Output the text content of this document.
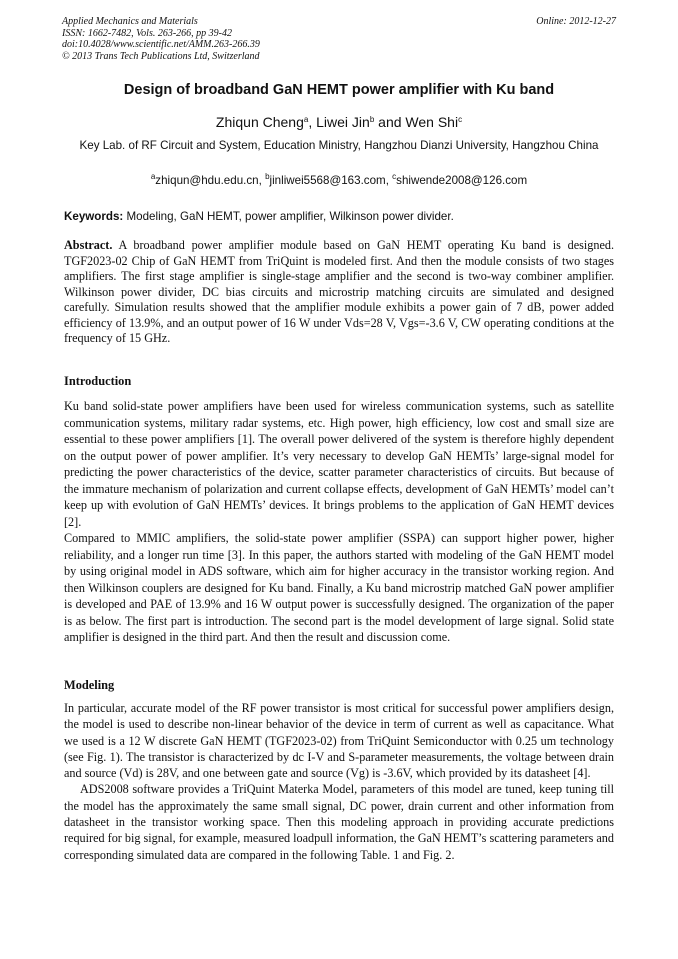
Applied Mechanics and Materials
ISSN: 1662-7482, Vols. 263-266, pp 39-42
doi:10.4028/www.scientific.net/AMM.263-266.39
© 2013 Trans Tech Publications Ltd, Switzerland
Online: 2012-12-27
Design of broadband GaN HEMT power amplifier with Ku band
Zhiqun Cheng$^a$, Liwei Jin$^b$ and Wen Shi$^c$
Key Lab. of RF Circuit and System, Education Ministry, Hangzhou Dianzi University, Hangzhou China
$^a$zhiqun@hdu.edu.cn, $^b$jinliwei5568@163.com, $^c$shiwende2008@126.com
Keywords: Modeling, GaN HEMT, power amplifier, Wilkinson power divider.
Abstract. A broadband power amplifier module based on GaN HEMT operating Ku band is designed. TGF2023-02 Chip of GaN HEMT from TriQuint is modeled first. And then the module consists of two stages amplifiers. The first stage amplifier is single-stage amplifier and the second is two-way combiner amplifier. Wilkinson power divider, DC bias circuits and microstrip matching circuits are simulated and designed carefully. Simulation results showed that the amplifier module exhibits a power gain of 7 dB, power added efficiency of 13.9%, and an output power of 16 W under Vds=28 V, Vgs=-3.6 V, CW operating conditions at the frequency of 15 GHz.
Introduction

Ku band solid-state power amplifiers have been used for wireless communication systems, such as satellite communication systems, military radar systems, etc. High power, high efficiency, low cost and small size are essential to these power amplifiers [1]. The overall power delivered of the system is therefore highly dependent on the output power of power amplifier. It’s very necessary to develop GaN HEMTs’ large-signal model for predicting the power characteristics of the device, scatter parameter characteristics of circuits. But because of the immature mechanism of polarization and current collapse effects, development of GaN HEMTs’ model can’t keep up with evolution of GaN HEMTs’ devices. It brings problems to the application of GaN HEMT devices [2].

Compared to MMIC amplifiers, the solid-state power amplifier (SSPA) can support higher power, higher reliability, and a longer run time [3]. In this paper, the authors started with modeling of the GaN HEMT model by using original model in ADS software, which aim for higher accuracy in the transistor working region. And then Wilkinson couplers are designed for Ku band. Finally, a Ku band microstrip matched GaN power amplifier is developed and PAE of 13.9% and 16 W output power is successfully designed. The organization of the paper is as below. The first part is introduction. The second part is the model development of large signal. Solid state amplifier is designed in the third part. And then the result and discussion come.

Modeling

In particular, accurate model of the RF power transistor is most critical for successful power amplifiers design, the model is used to describe non-linear behavior of the device in term of current as well as capacitance. What we used is a 12 W discrete GaN HEMT (TGF2023-02) from TriQuint Semiconductor with 0.25 um technology (see Fig. 1). The transistor is characterized by dc I-V and S-parameter measurements, the voltage between drain and source (Vd) is 28V, and one between gate and source (Vg) is -3.6V, which provided by its datasheet [4].

ADS2008 software provides a TriQuint Materka Model, parameters of this model are tuned, keep tuning till the model has the approximately the same small signal, DC power, drain current and other information from datasheet in the transistor working space. Then this modeling approach in providing accurate predictions required for big signal, for example, measured loadpull information, the GaN HEMT’s scattering parameters and corresponding simulated data are compared in the following Table. 1 and Fig. 2.
